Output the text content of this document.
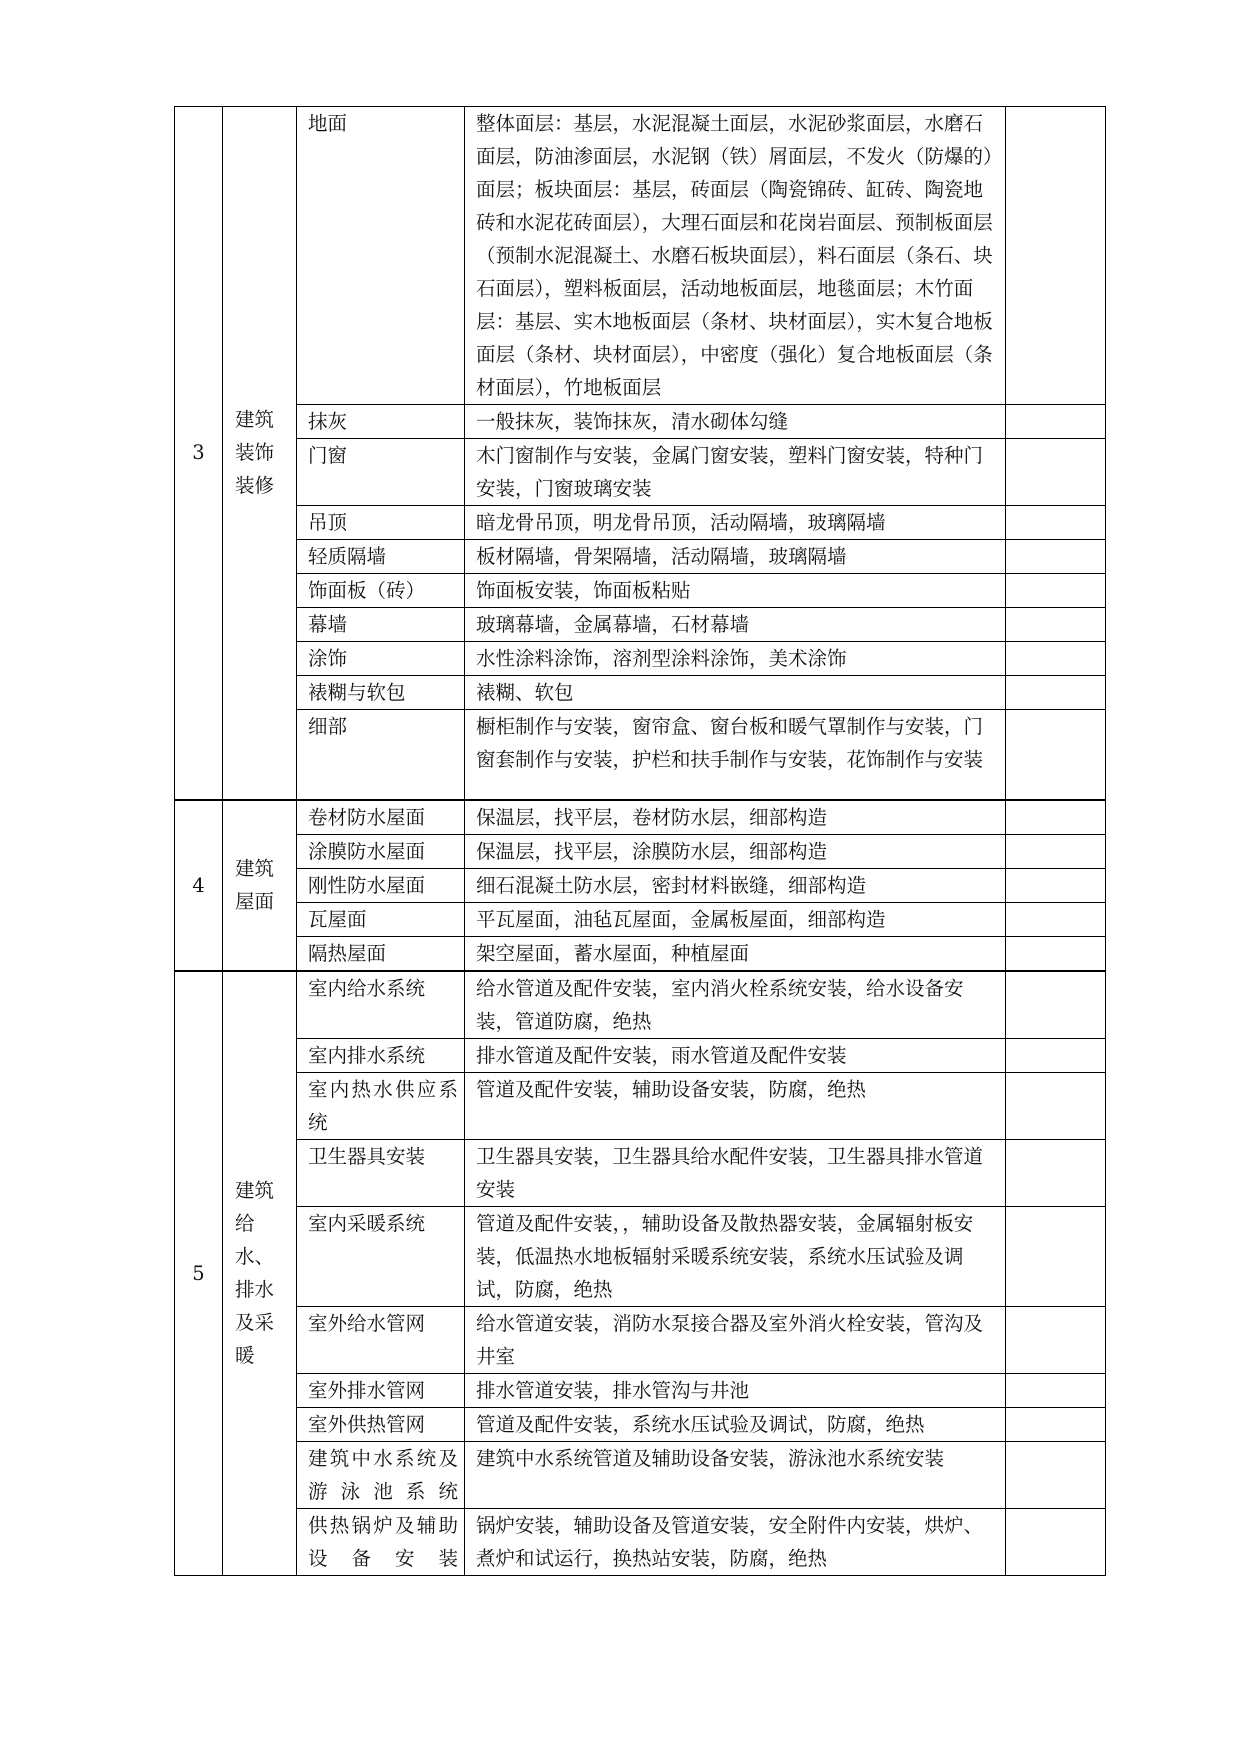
3	建筑装饰装修	地面	整体面层：基层，水泥混凝土面层，水泥砂浆面层，水磨石面层，防油渗面层，水泥钢（铁）屑面层，不发火（防爆的）面层；板块面层：基层，砖面层（陶瓷锦砖、缸砖、陶瓷地砖和水泥花砖面层），大理石面层和花岗岩面层、预制板面层（预制水泥混凝土、水磨石板块面层），料石面层（条石、块石面层），塑料板面层，活动地板面层，地毯面层；木竹面层：基层、实木地板面层（条材、块材面层），实木复合地板面层（条材、块材面层），中密度（强化）复合地板面层（条材面层），竹地板面层	
		抹灰	一般抹灰，装饰抹灰，清水砌体勾缝	
		门窗	木门窗制作与安装，金属门窗安装，塑料门窗安装，特种门安装，门窗玻璃安装	
		吊顶	暗龙骨吊顶，明龙骨吊顶，活动隔墙，玻璃隔墙	
		轻质隔墙	板材隔墙，骨架隔墙，活动隔墙，玻璃隔墙	
		饰面板（砖）	饰面板安装，饰面板粘贴	
		幕墙	玻璃幕墙，金属幕墙，石材幕墙	
		涂饰	水性涂料涂饰，溶剂型涂料涂饰，美术涂饰	
		裱糊与软包	裱糊、软包	
		细部	橱柜制作与安装，窗帘盒、窗台板和暖气罩制作与安装，门窗套制作与安装，护栏和扶手制作与安装，花饰制作与安装	
4	建筑屋面	卷材防水屋面	保温层，找平层，卷材防水层，细部构造	
		涂膜防水屋面	保温层，找平层，涂膜防水层，细部构造	
		刚性防水屋面	细石混凝土防水层，密封材料嵌缝，细部构造	
		瓦屋面	平瓦屋面，油毡瓦屋面，金属板屋面，细部构造	
		隔热屋面	架空屋面，蓄水屋面，种植屋面	
5	建筑给水、排水及采暖	室内给水系统	给水管道及配件安装，室内消火栓系统安装，给水设备安装，管道防腐，绝热	
		室内排水系统	排水管道及配件安装，雨水管道及配件安装	
		室内热水供应系统	管道及配件安装，辅助设备安装，防腐，绝热	
		卫生器具安装	卫生器具安装，卫生器具给水配件安装，卫生器具排水管道安装	
		室内采暖系统	管道及配件安装，，辅助设备及散热器安装，金属辐射板安装，低温热水地板辐射采暖系统安装，系统水压试验及调试，防腐，绝热	
		室外给水管网	给水管道安装，消防水泵接合器及室外消火栓安装，管沟及井室	
		室外排水管网	排水管道安装，排水管沟与井池	
		室外供热管网	管道及配件安装，系统水压试验及调试，防腐，绝热	
		建筑中水系统及游泳池系统	建筑中水系统管道及辅助设备安装，游泳池水系统安装	
		供热锅炉及辅助设备安装	锅炉安装，辅助设备及管道安装，安全附件内安装，烘炉、煮炉和试运行，换热站安装，防腐，绝热	
